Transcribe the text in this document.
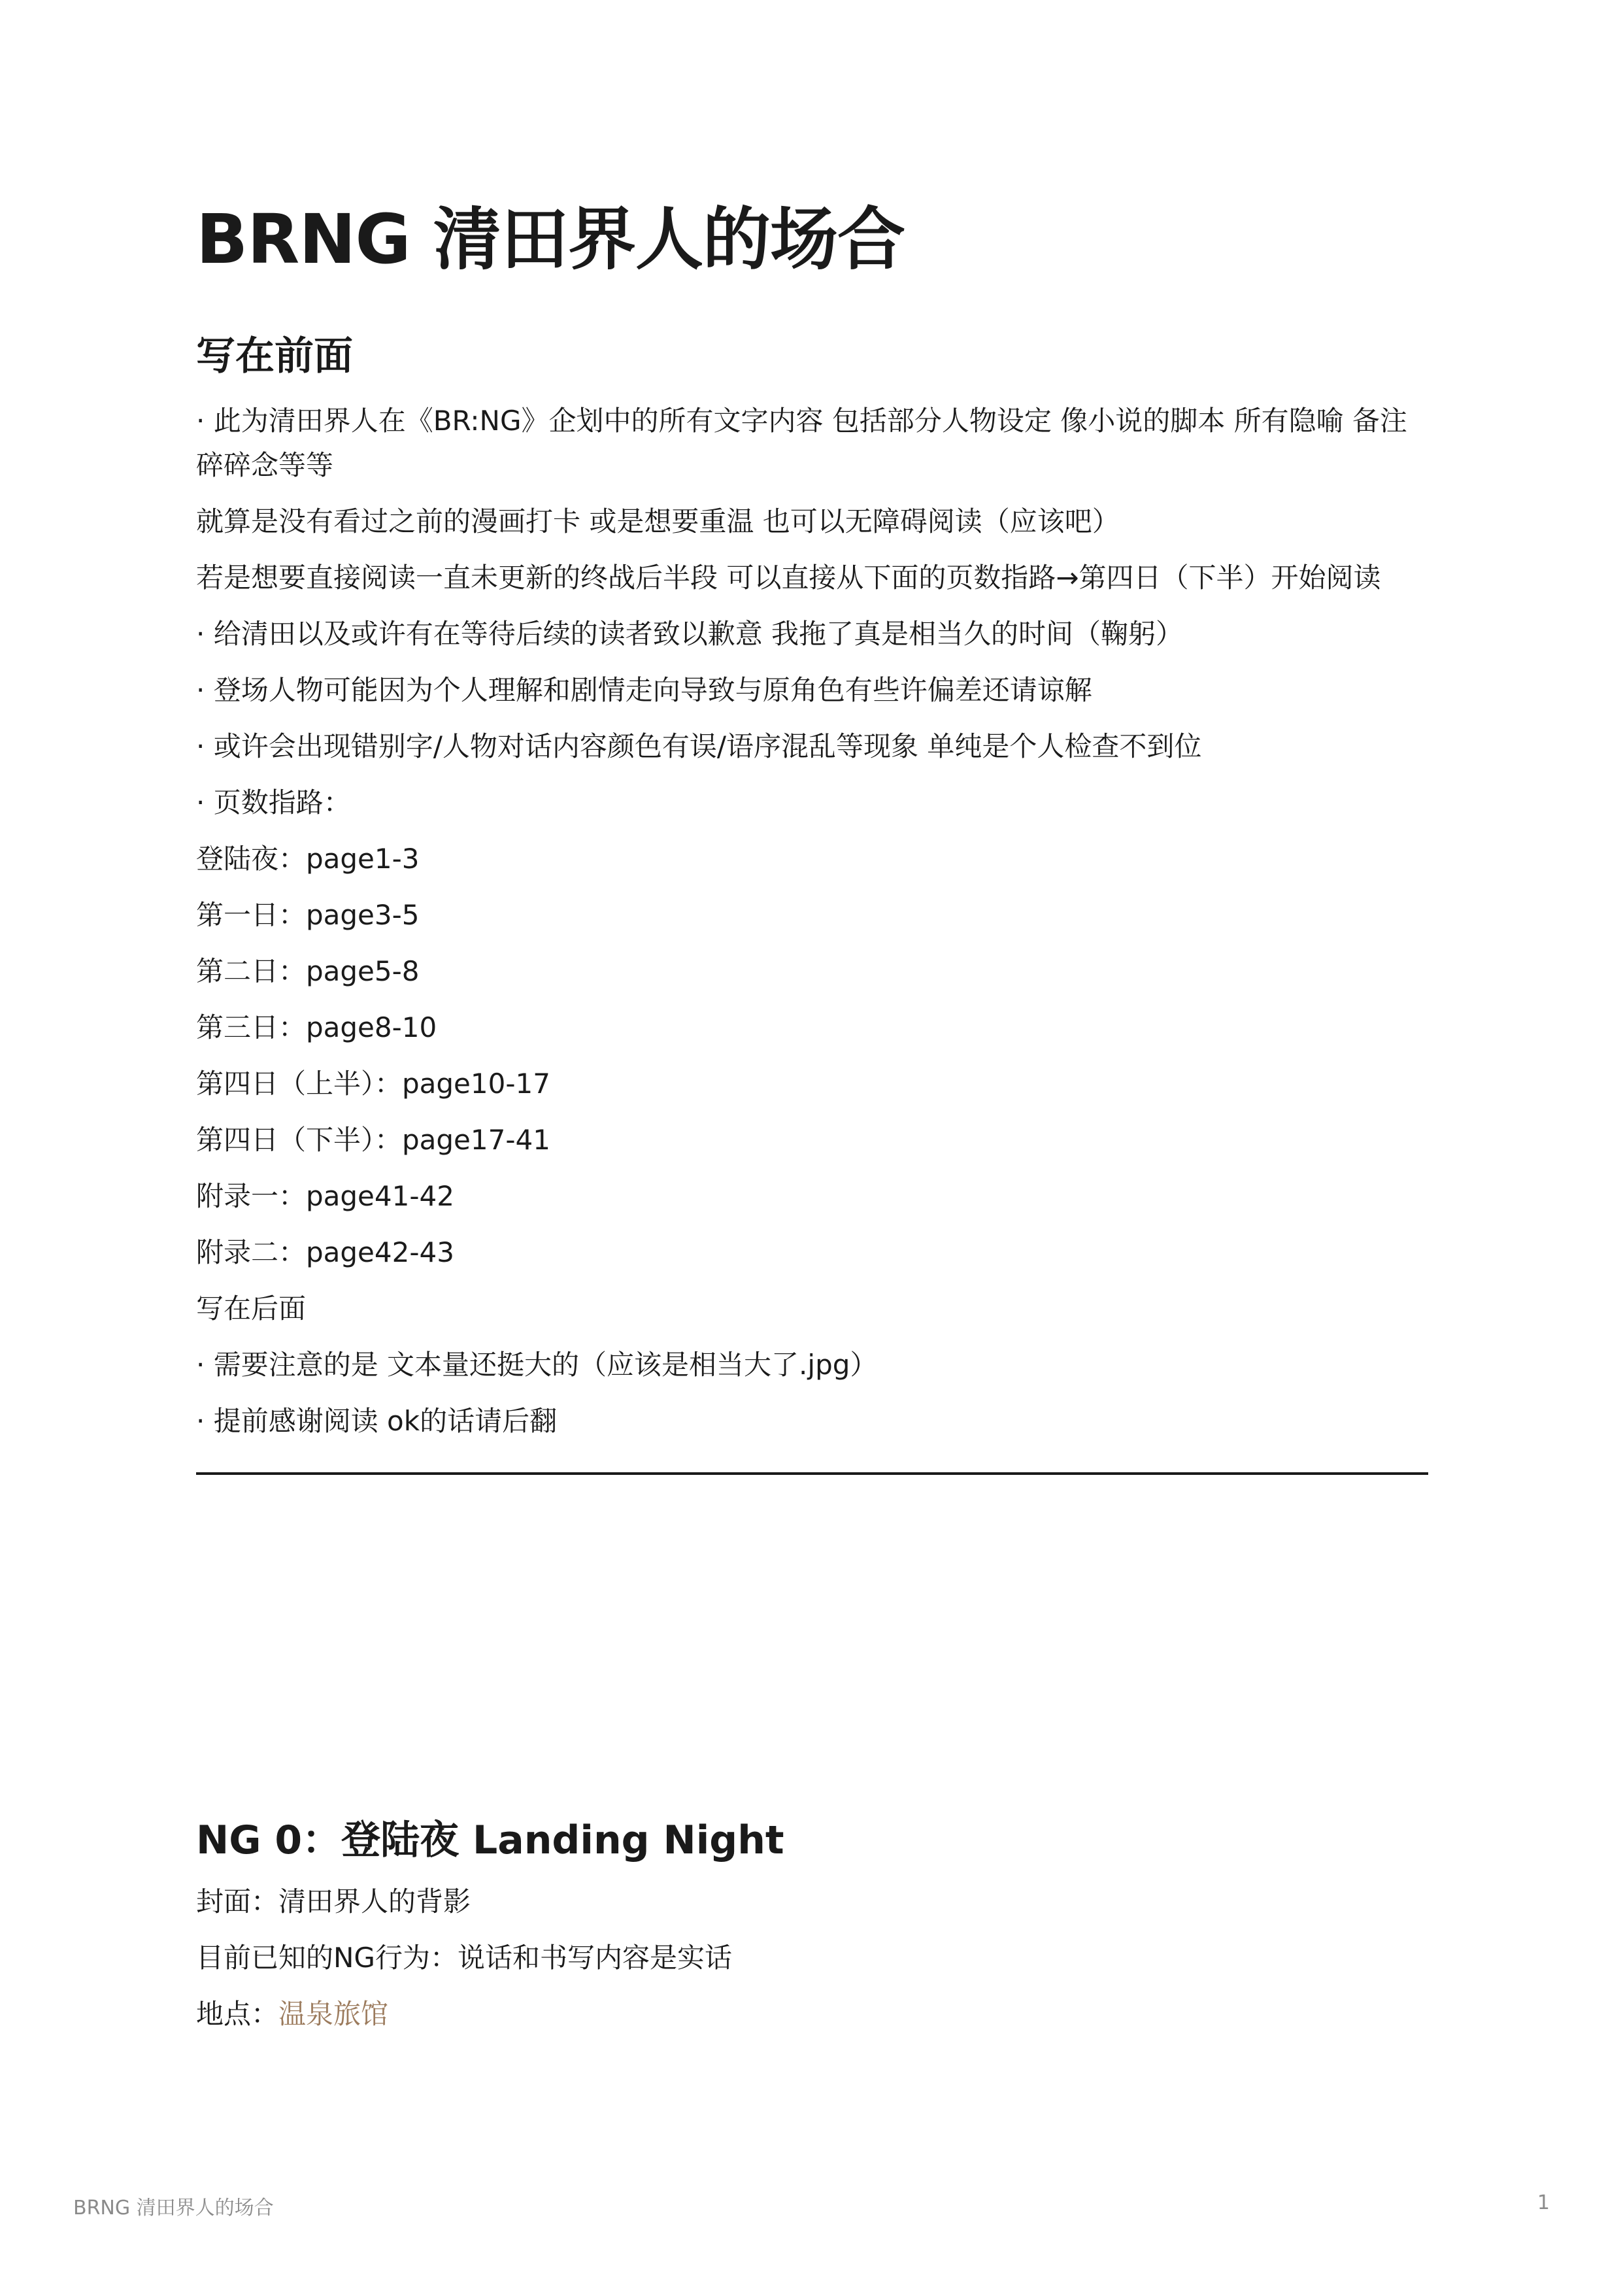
BRNG 清田界人的场合
写在前面
· 此为清田界人在《BR:NG》企划中的所有文字内容 包括部分人物设定 像小说的脚本 所有隐喻 备注碎碎念等等
就算是没有看过之前的漫画打卡 或是想要重温 也可以无障碍阅读（应该吧）
若是想要直接阅读一直未更新的终战后半段 可以直接从下面的页数指路→第四日（下半）开始阅读
· 给清田以及或许有在等待后续的读者致以歉意 我拖了真是相当久的时间（鞠躬）
· 登场人物可能因为个人理解和剧情走向导致与原角色有些许偏差还请谅解
· 或许会出现错别字/人物对话内容颜色有误/语序混乱等现象 单纯是个人检查不到位
· 页数指路：
登陆夜：page1-3
第一日：page3-5
第二日：page5-8
第三日：page8-10
第四日（上半）：page10-17
第四日（下半）：page17-41
附录一：page41-42
附录二：page42-43
写在后面
· 需要注意的是 文本量还挺大的（应该是相当大了.jpg）
· 提前感谢阅读 ok的话请后翻
NG 0：登陆夜 Landing Night
封面：清田界人的背影
目前已知的NG行为：说话和书写内容是实话
地点：温泉旅馆
BRNG 清田界人的场合	1
